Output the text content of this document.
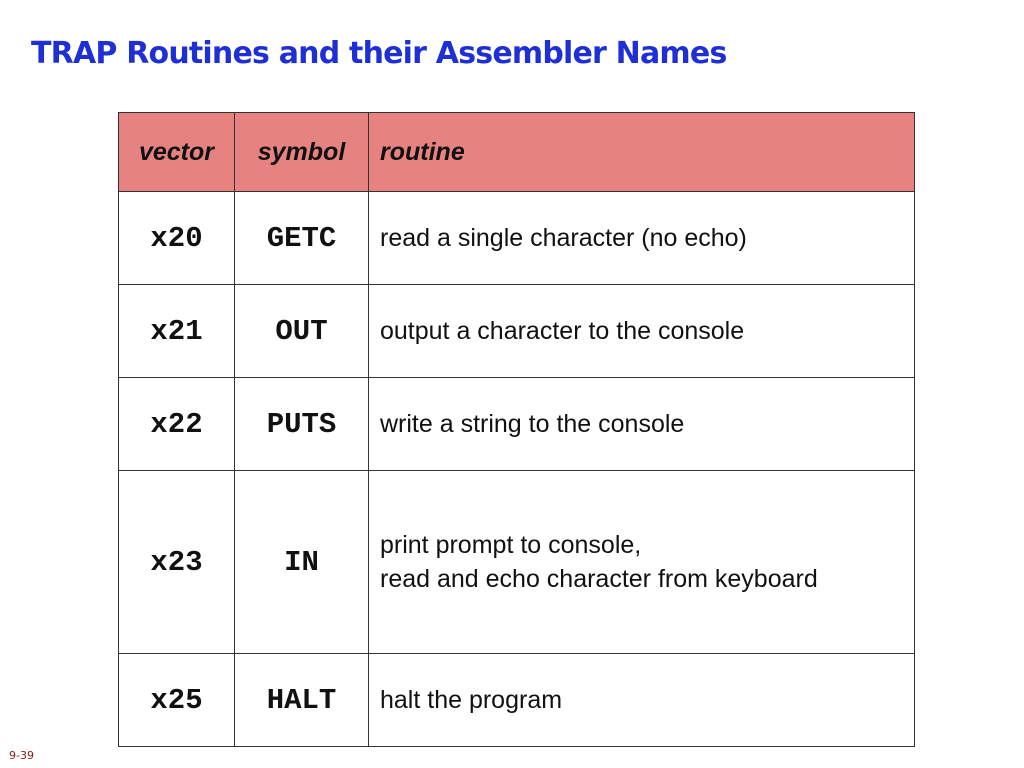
TRAP Routines and their Assembler Names
vector	symbol	routine
x20	GETC	read a single character (no echo)

x21	OUT	output a character to the console

x22	PUTS	write a string to the console

x23	IN	print prompt to console,
read and echo character from keyboard

x25	HALT	halt the program
9-39
